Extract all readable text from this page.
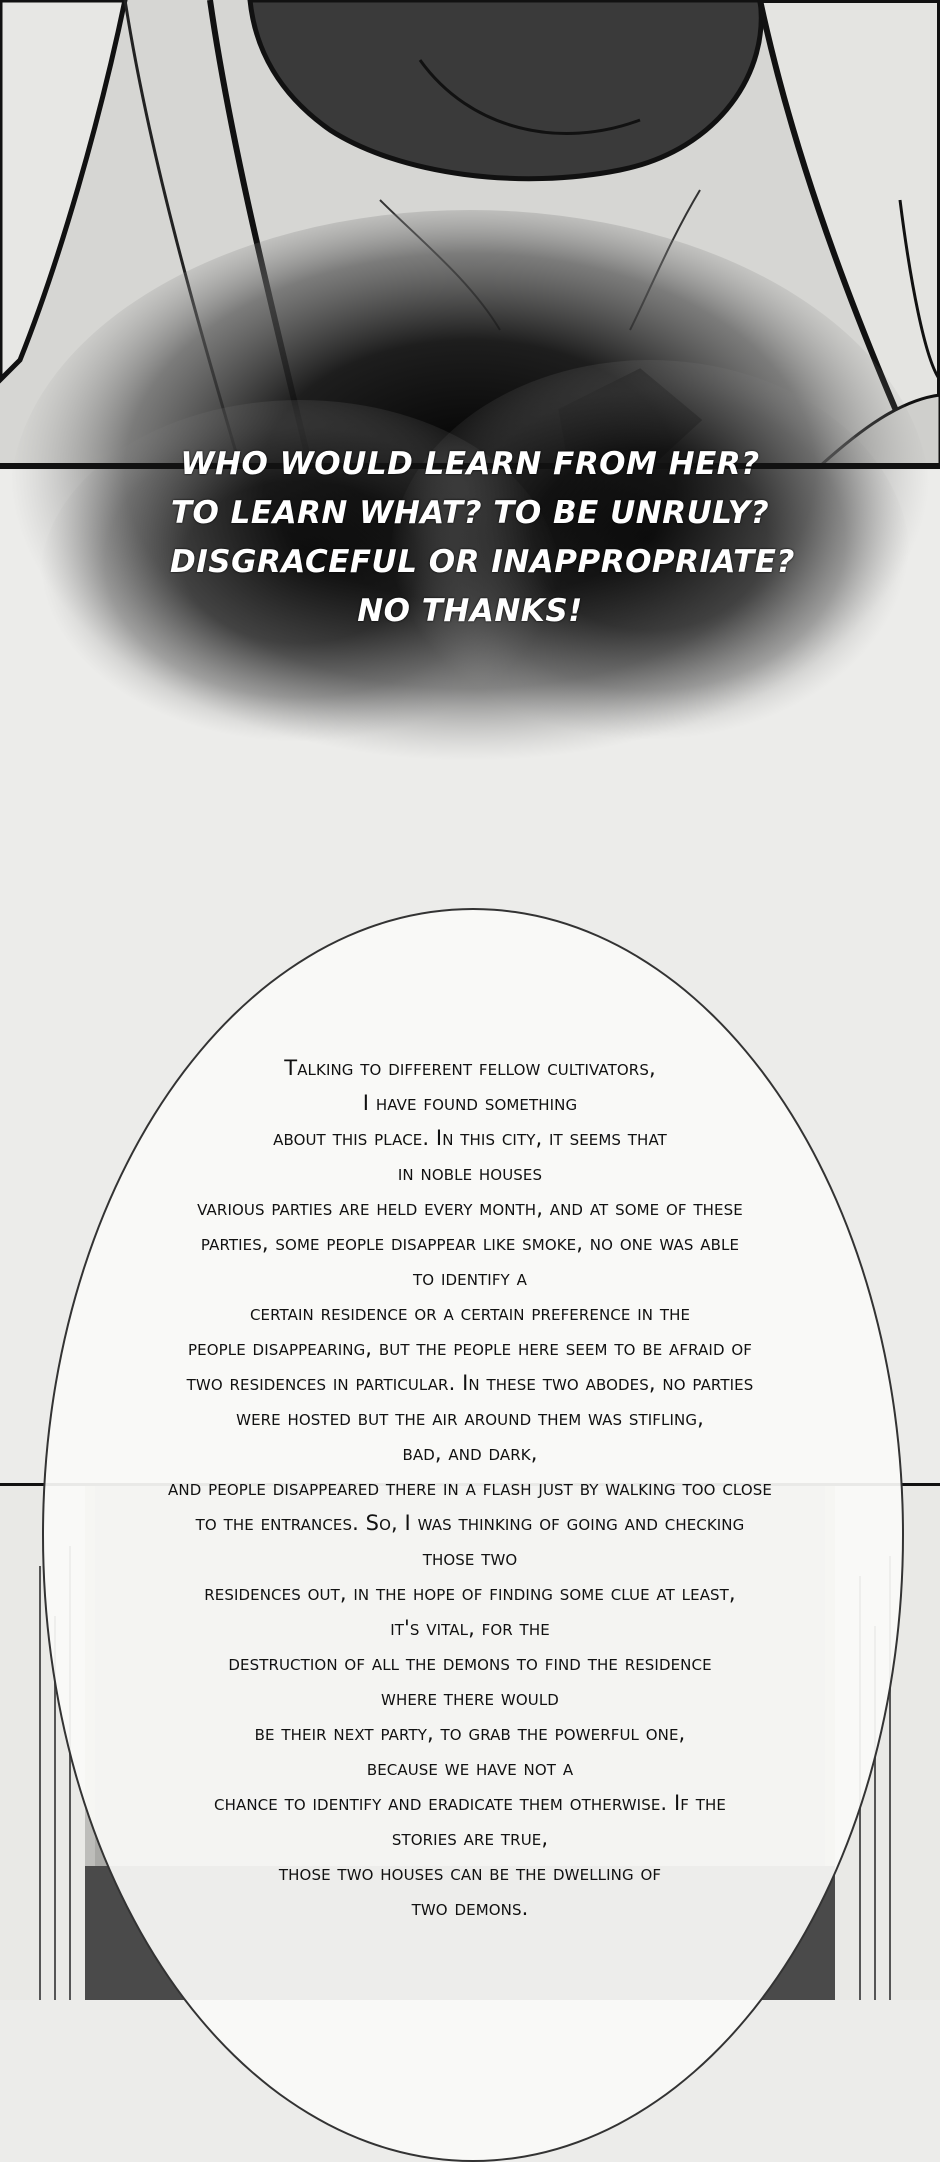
WHO WOULD LEARN FROM HER?
TO LEARN WHAT? TO BE UNRULY?
DISGRACEFUL OR INAPPROPRIATE?
NO THANKS!
Talking to different fellow cultivators,
I have found something
about this place. In this city, it seems that
in noble houses
various parties are held every month, and at some of these
parties, some people disappear like smoke, no one was able
to identify a
certain residence or a certain preference in the
people disappearing, but the people here seem to be afraid of
two residences in particular. In these two abodes, no parties
were hosted but the air around them was stifling,
bad, and dark,
and people disappeared there in a flash just by walking too close
to the entrances. So, I was thinking of going and checking
those two
residences out, in the hope of finding some clue at least,
it's vital, for the
destruction of all the demons to find the residence
where there would
be their next party, to grab the powerful one,
because we have not a
chance to identify and eradicate them otherwise. If the
stories are true,
those two houses can be the dwelling of
two demons.
